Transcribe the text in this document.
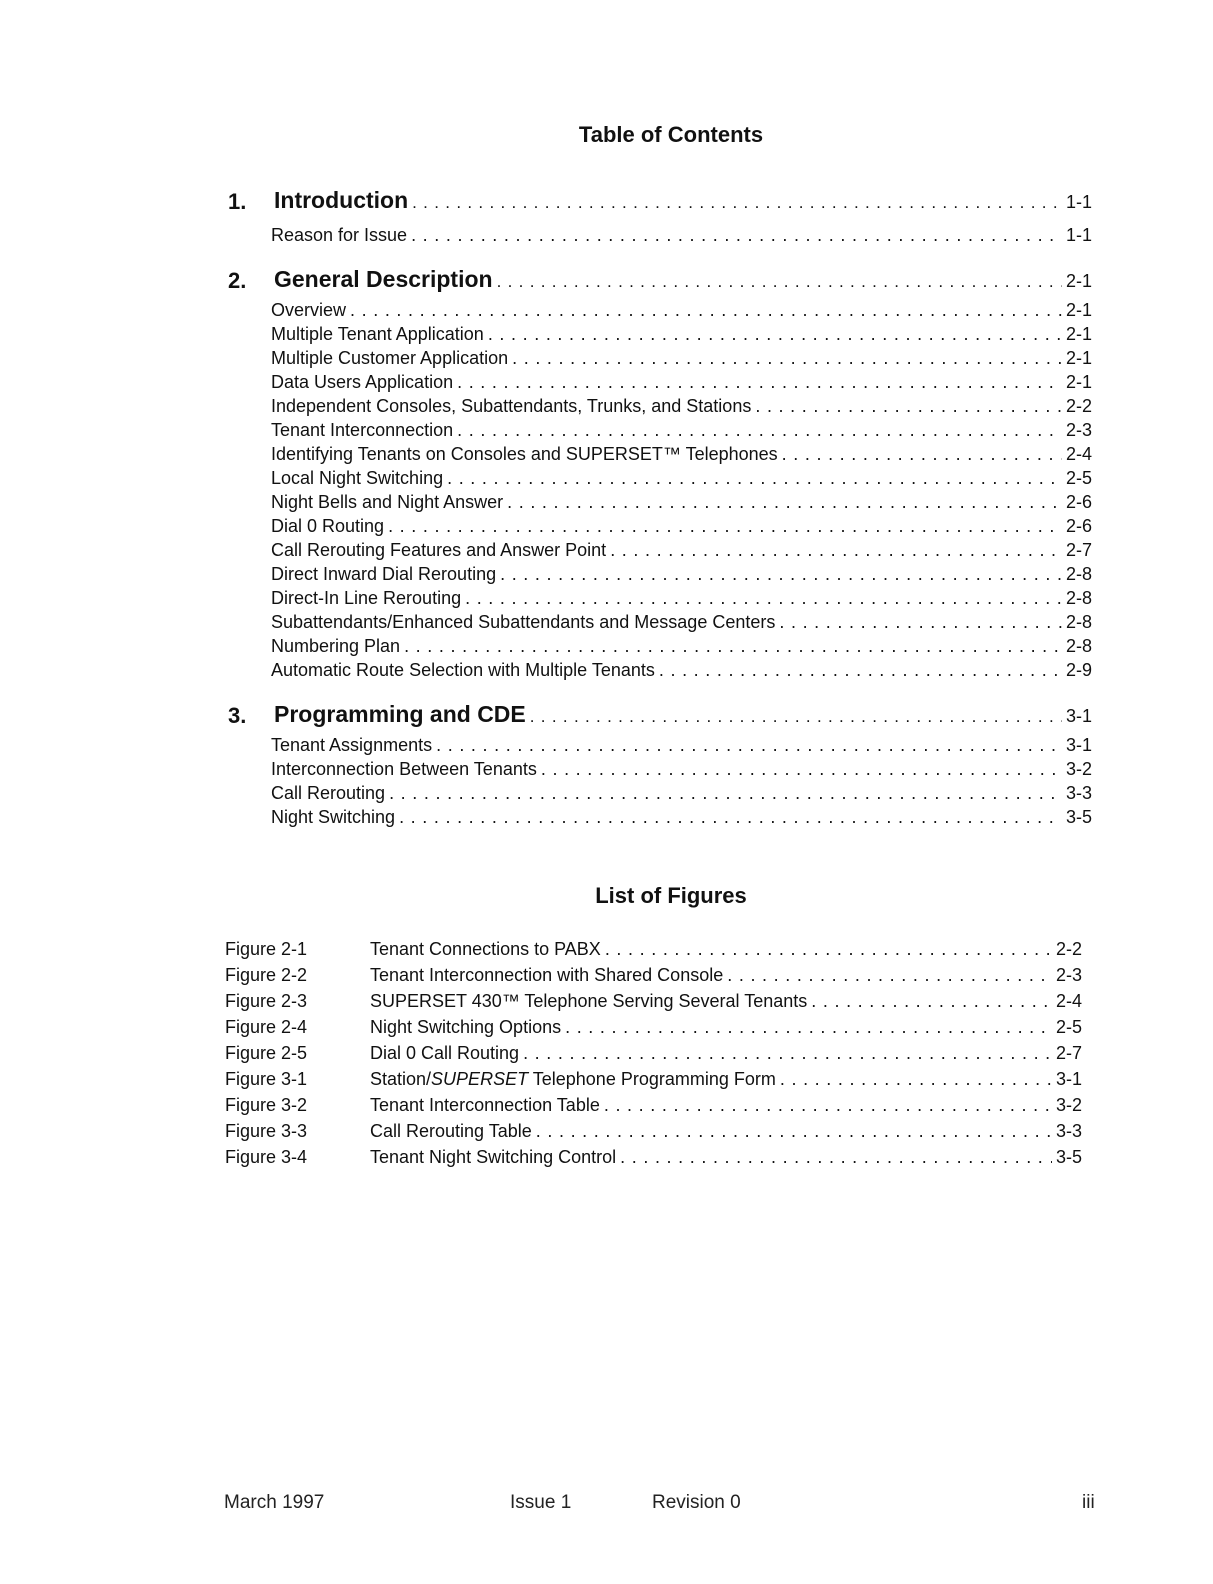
Table of Contents
1. Introduction . . .	1-1
Reason for Issue . . .	1-1
2. General Description . . .	2-1
Overview . . .	2-1
Multiple Tenant Application . . .	2-1
Multiple Customer Application . . .	2-1
Data Users Application . . .	2-1
Independent Consoles, Subattendants, Trunks, and Stations . . .	2-2
Tenant Interconnection . . .	2-3
Identifying Tenants on Consoles and SUPERSET™ Telephones . . .	2-4
Local Night Switching . . .	2-5
Night Bells and Night Answer . . .	2-6
Dial 0 Routing . . .	2-6
Call Rerouting Features and Answer Point . . .	2-7
Direct Inward Dial Rerouting . . .	2-8
Direct-In Line Rerouting . . .	2-8
Subattendants/Enhanced Subattendants and Message Centers . . .	2-8
Numbering Plan . . .	2-8
Automatic Route Selection with Multiple Tenants . . .	2-9
3. Programming and CDE . . .	3-1
Tenant Assignments . . .	3-1
Interconnection Between Tenants . . .	3-2
Call Rerouting . . .	3-3
Night Switching . . .	3-5
List of Figures
Figure 2-1	Tenant Connections to PABX . . .	2-2
Figure 2-2	Tenant Interconnection with Shared Console . . .	2-3
Figure 2-3	SUPERSET 430™ Telephone Serving Several Tenants . . .	2-4
Figure 2-4	Night Switching Options . . .	2-5
Figure 2-5	Dial 0 Call Routing . . .	2-7
Figure 3-1	Station/SUPERSET Telephone Programming Form . . .	3-1
Figure 3-2	Tenant Interconnection Table . . .	3-2
Figure 3-3	Call Rerouting Table . . .	3-3
Figure 3-4	Tenant Night Switching Control . . .	3-5
March 1997	Issue 1	Revision 0	iii
